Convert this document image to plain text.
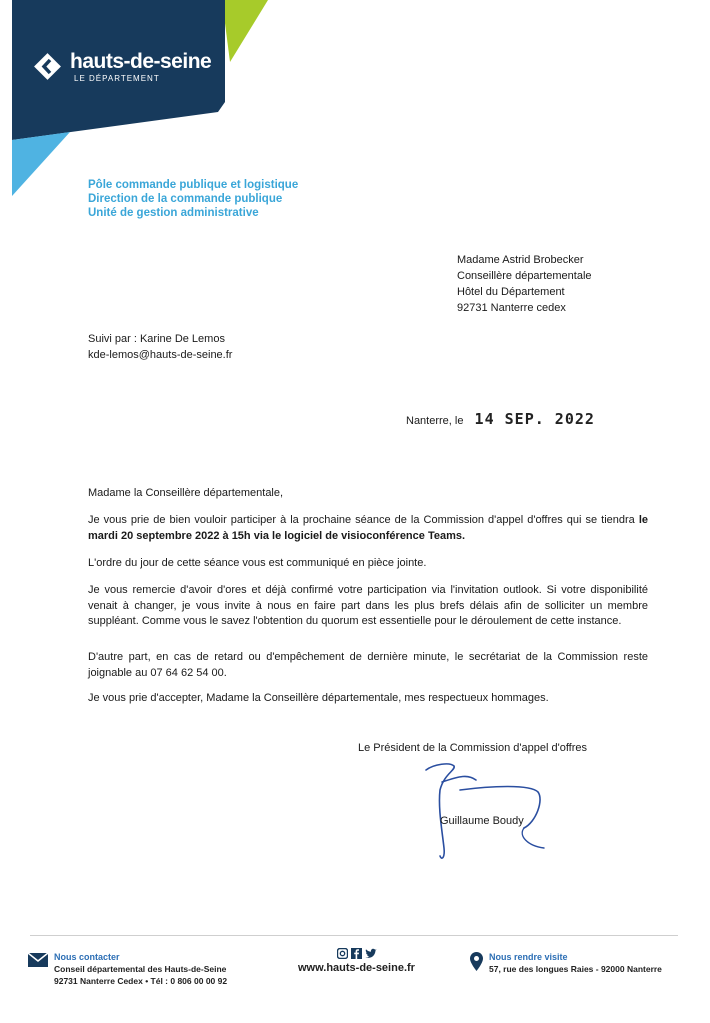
hauts-de-seine
LE DÉPARTEMENT
Pôle commande publique et logistique
Direction de la commande publique
Unité de gestion administrative
Madame Astrid Brobecker
Conseillère départementale
Hôtel du Département
92731 Nanterre cedex
Suivi par : Karine De Lemos
kde-lemos@hauts-de-seine.fr
Nanterre, le 14 SEP. 2022
Madame la Conseillère départementale,
Je vous prie de bien vouloir participer à la prochaine séance de la Commission d'appel d'offres qui se tiendra le mardi 20 septembre 2022 à 15h via le logiciel de visioconférence Teams.
L'ordre du jour de cette séance vous est communiqué en pièce jointe.
Je vous remercie d'avoir d'ores et déjà confirmé votre participation via l'invitation outlook. Si votre disponibilité venait à changer, je vous invite à nous en faire part dans les plus brefs délais afin de solliciter un membre suppléant. Comme vous le savez l'obtention du quorum est essentielle pour le déroulement de cette instance.
D'autre part, en cas de retard ou d'empêchement de dernière minute, le secrétariat de la Commission reste joignable au 07 64 62 54 00.
Je vous prie d'accepter, Madame la Conseillère départementale, mes respectueux hommages.
Le Président de la Commission d'appel d'offres
Guillaume Boudy
Nous contacter
Conseil départemental des Hauts-de-Seine
92731 Nanterre Cedex • Tél : 0 806 00 00 92
www.hauts-de-seine.fr
Nous rendre visite
57, rue des longues Raies - 92000 Nanterre
